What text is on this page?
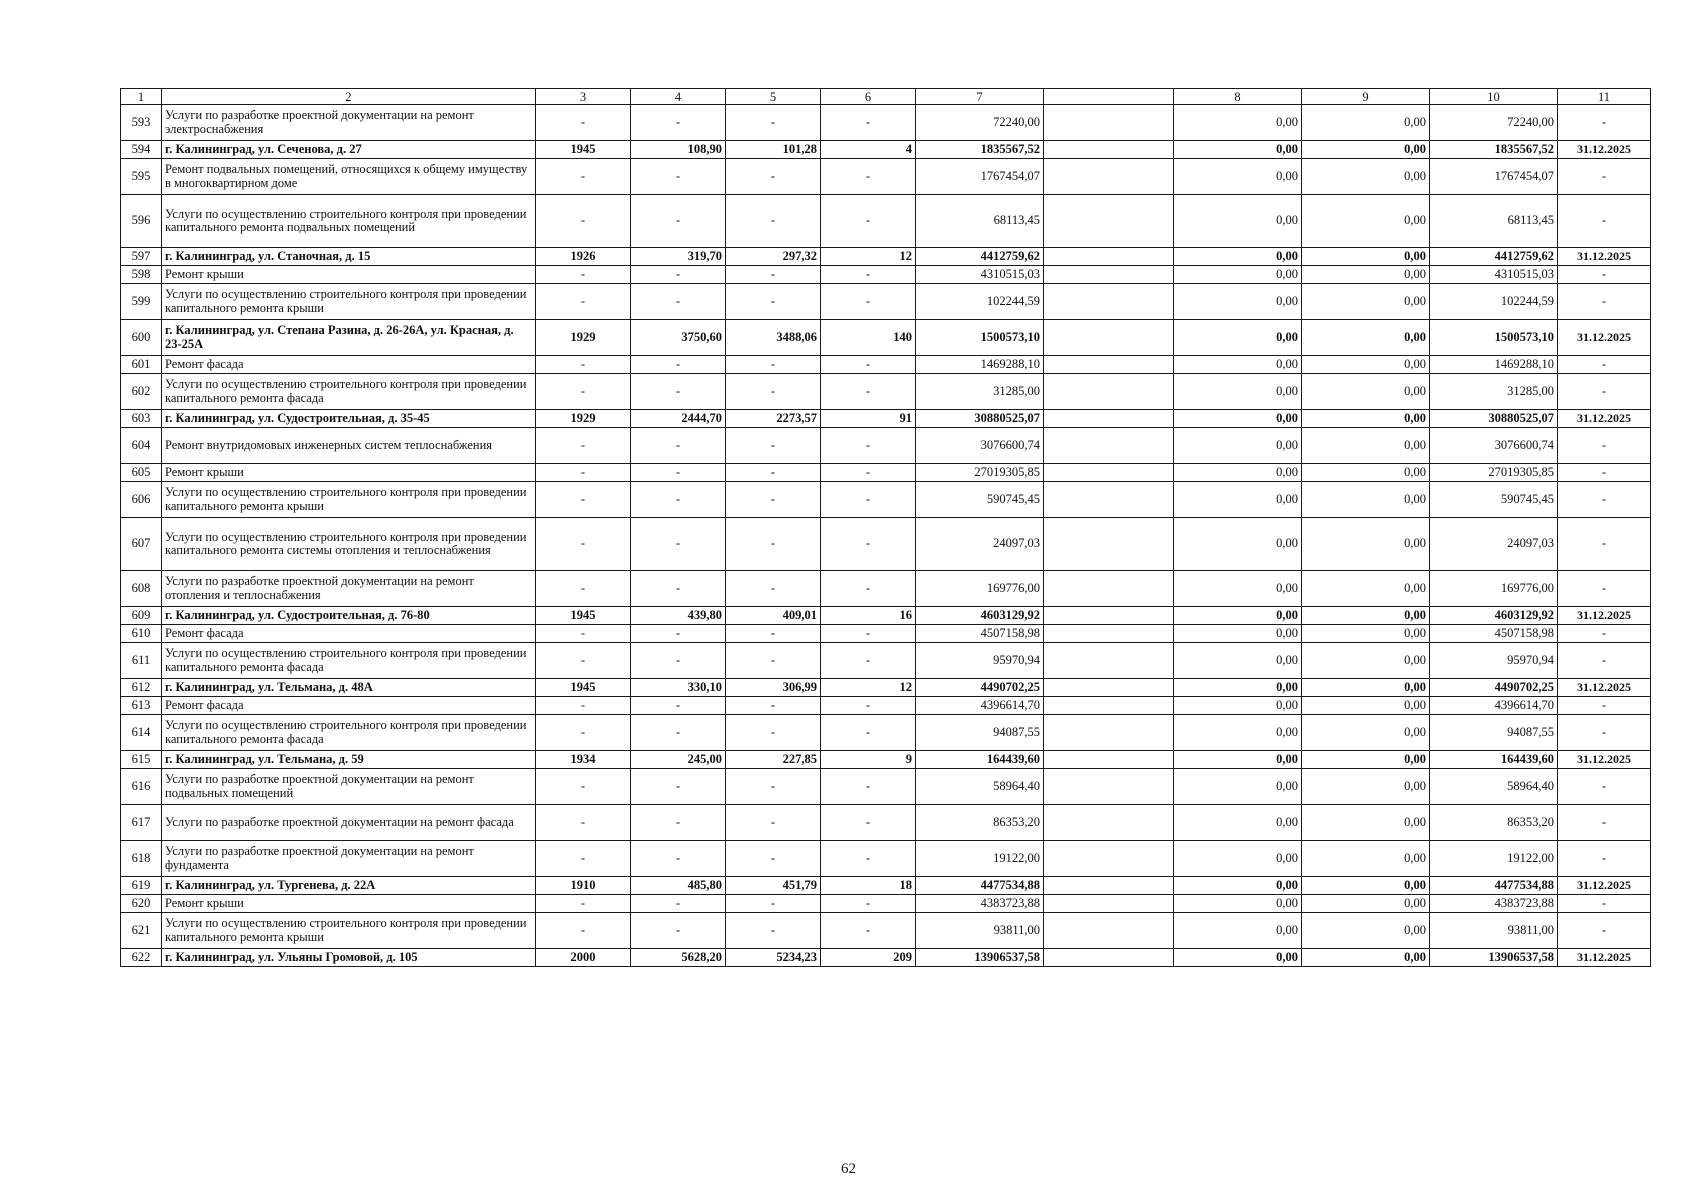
1	2	3	4	5	6	7		8	9	10	11
593	Услуги по разработке проектной документации на ремонт электроснабжения	-	-	-	-	72240,00		0,00	0,00	72240,00	-
594	г. Калининград, ул. Сеченова, д. 27	1945	108,90	101,28	4	1835567,52		0,00	0,00	1835567,52	31.12.2025
595	Ремонт подвальных помещений, относящихся к общему имуществу в многоквартирном доме	-	-	-	-	1767454,07		0,00	0,00	1767454,07	-
596	Услуги по осуществлению строительного контроля при проведении капитального ремонта подвальных помещений	-	-	-	-	68113,45		0,00	0,00	68113,45	-
597	г. Калининград, ул. Станочная, д. 15	1926	319,70	297,32	12	4412759,62		0,00	0,00	4412759,62	31.12.2025
598	Ремонт крыши	-	-	-	-	4310515,03		0,00	0,00	4310515,03	-
599	Услуги по осуществлению строительного контроля при проведении капитального ремонта крыши	-	-	-	-	102244,59		0,00	0,00	102244,59	-
600	г. Калининград, ул. Степана Разина, д. 26-26А, ул. Красная, д. 23-25А	1929	3750,60	3488,06	140	1500573,10		0,00	0,00	1500573,10	31.12.2025
601	Ремонт фасада	-	-	-	-	1469288,10		0,00	0,00	1469288,10	-
602	Услуги по осуществлению строительного контроля при проведении капитального ремонта фасада	-	-	-	-	31285,00		0,00	0,00	31285,00	-
603	г. Калининград, ул. Судостроительная, д. 35-45	1929	2444,70	2273,57	91	30880525,07		0,00	0,00	30880525,07	31.12.2025
604	Ремонт внутридомовых инженерных систем теплоснабжения	-	-	-	-	3076600,74		0,00	0,00	3076600,74	-
605	Ремонт крыши	-	-	-	-	27019305,85		0,00	0,00	27019305,85	-
606	Услуги по осуществлению строительного контроля при проведении капитального ремонта крыши	-	-	-	-	590745,45		0,00	0,00	590745,45	-
607	Услуги по осуществлению строительного контроля при проведении капитального ремонта системы отопления и теплоснабжения	-	-	-	-	24097,03		0,00	0,00	24097,03	-
608	Услуги по разработке проектной документации на ремонт отопления и теплоснабжения	-	-	-	-	169776,00		0,00	0,00	169776,00	-
609	г. Калининград, ул. Судостроительная, д. 76-80	1945	439,80	409,01	16	4603129,92		0,00	0,00	4603129,92	31.12.2025
610	Ремонт фасада	-	-	-	-	4507158,98		0,00	0,00	4507158,98	-
611	Услуги по осуществлению строительного контроля при проведении капитального ремонта фасада	-	-	-	-	95970,94		0,00	0,00	95970,94	-
612	г. Калининград, ул. Тельмана, д. 48А	1945	330,10	306,99	12	4490702,25		0,00	0,00	4490702,25	31.12.2025
613	Ремонт фасада	-	-	-	-	4396614,70		0,00	0,00	4396614,70	-
614	Услуги по осуществлению строительного контроля при проведении капитального ремонта фасада	-	-	-	-	94087,55		0,00	0,00	94087,55	-
615	г. Калининград, ул. Тельмана, д. 59	1934	245,00	227,85	9	164439,60		0,00	0,00	164439,60	31.12.2025
616	Услуги по разработке проектной документации на ремонт подвальных помещений	-	-	-	-	58964,40		0,00	0,00	58964,40	-
617	Услуги по разработке проектной документации на ремонт фасада	-	-	-	-	86353,20		0,00	0,00	86353,20	-
618	Услуги по разработке проектной документации на ремонт фундамента	-	-	-	-	19122,00		0,00	0,00	19122,00	-
619	г. Калининград, ул. Тургенева, д. 22А	1910	485,80	451,79	18	4477534,88		0,00	0,00	4477534,88	31.12.2025
620	Ремонт крыши	-	-	-	-	4383723,88		0,00	0,00	4383723,88	-
621	Услуги по осуществлению строительного контроля при проведении капитального ремонта крыши	-	-	-	-	93811,00		0,00	0,00	93811,00	-
622	г. Калининград, ул. Ульяны Громовой, д. 105	2000	5628,20	5234,23	209	13906537,58		0,00	0,00	13906537,58	31.12.2025
62
